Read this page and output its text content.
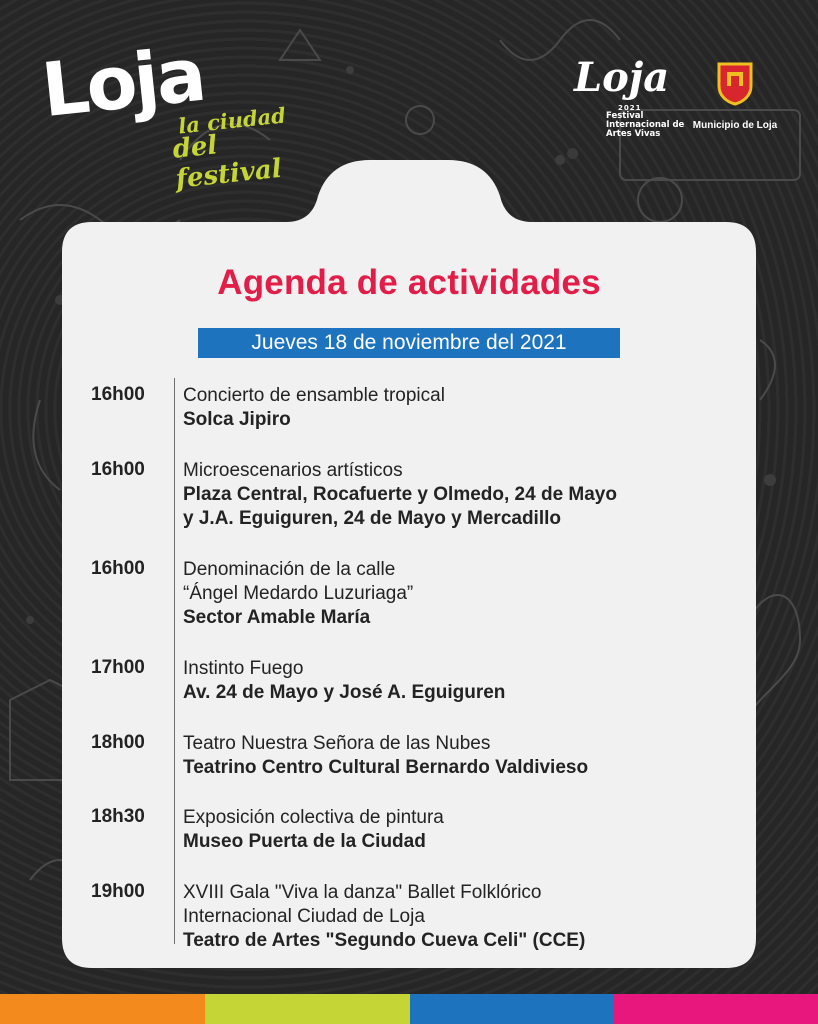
Loja
la ciudad
del festival
Loja
2021
Festival Internacional de Artes Vivas
Municipio de Loja
Agenda de actividades
Jueves 18 de noviembre del 2021
16h00 Concierto de ensamble tropical
Solca Jipiro
16h00 Microescenarios artísticos
Plaza Central, Rocafuerte y Olmedo, 24 de Mayo
y J.A. Eguiguren, 24 de Mayo y Mercadillo
16h00 Denominación de la calle
“Ángel Medardo Luzuriaga”
Sector Amable María
17h00 Instinto Fuego
Av. 24 de Mayo y José A. Eguiguren
18h00 Teatro Nuestra Señora de las Nubes
Teatrino Centro Cultural Bernardo Valdivieso
18h30 Exposición colectiva de pintura
Museo Puerta de la Ciudad
19h00 XVIII Gala "Viva la danza" Ballet Folklórico
Internacional Ciudad de Loja
Teatro de Artes "Segundo Cueva Celi" (CCE)
